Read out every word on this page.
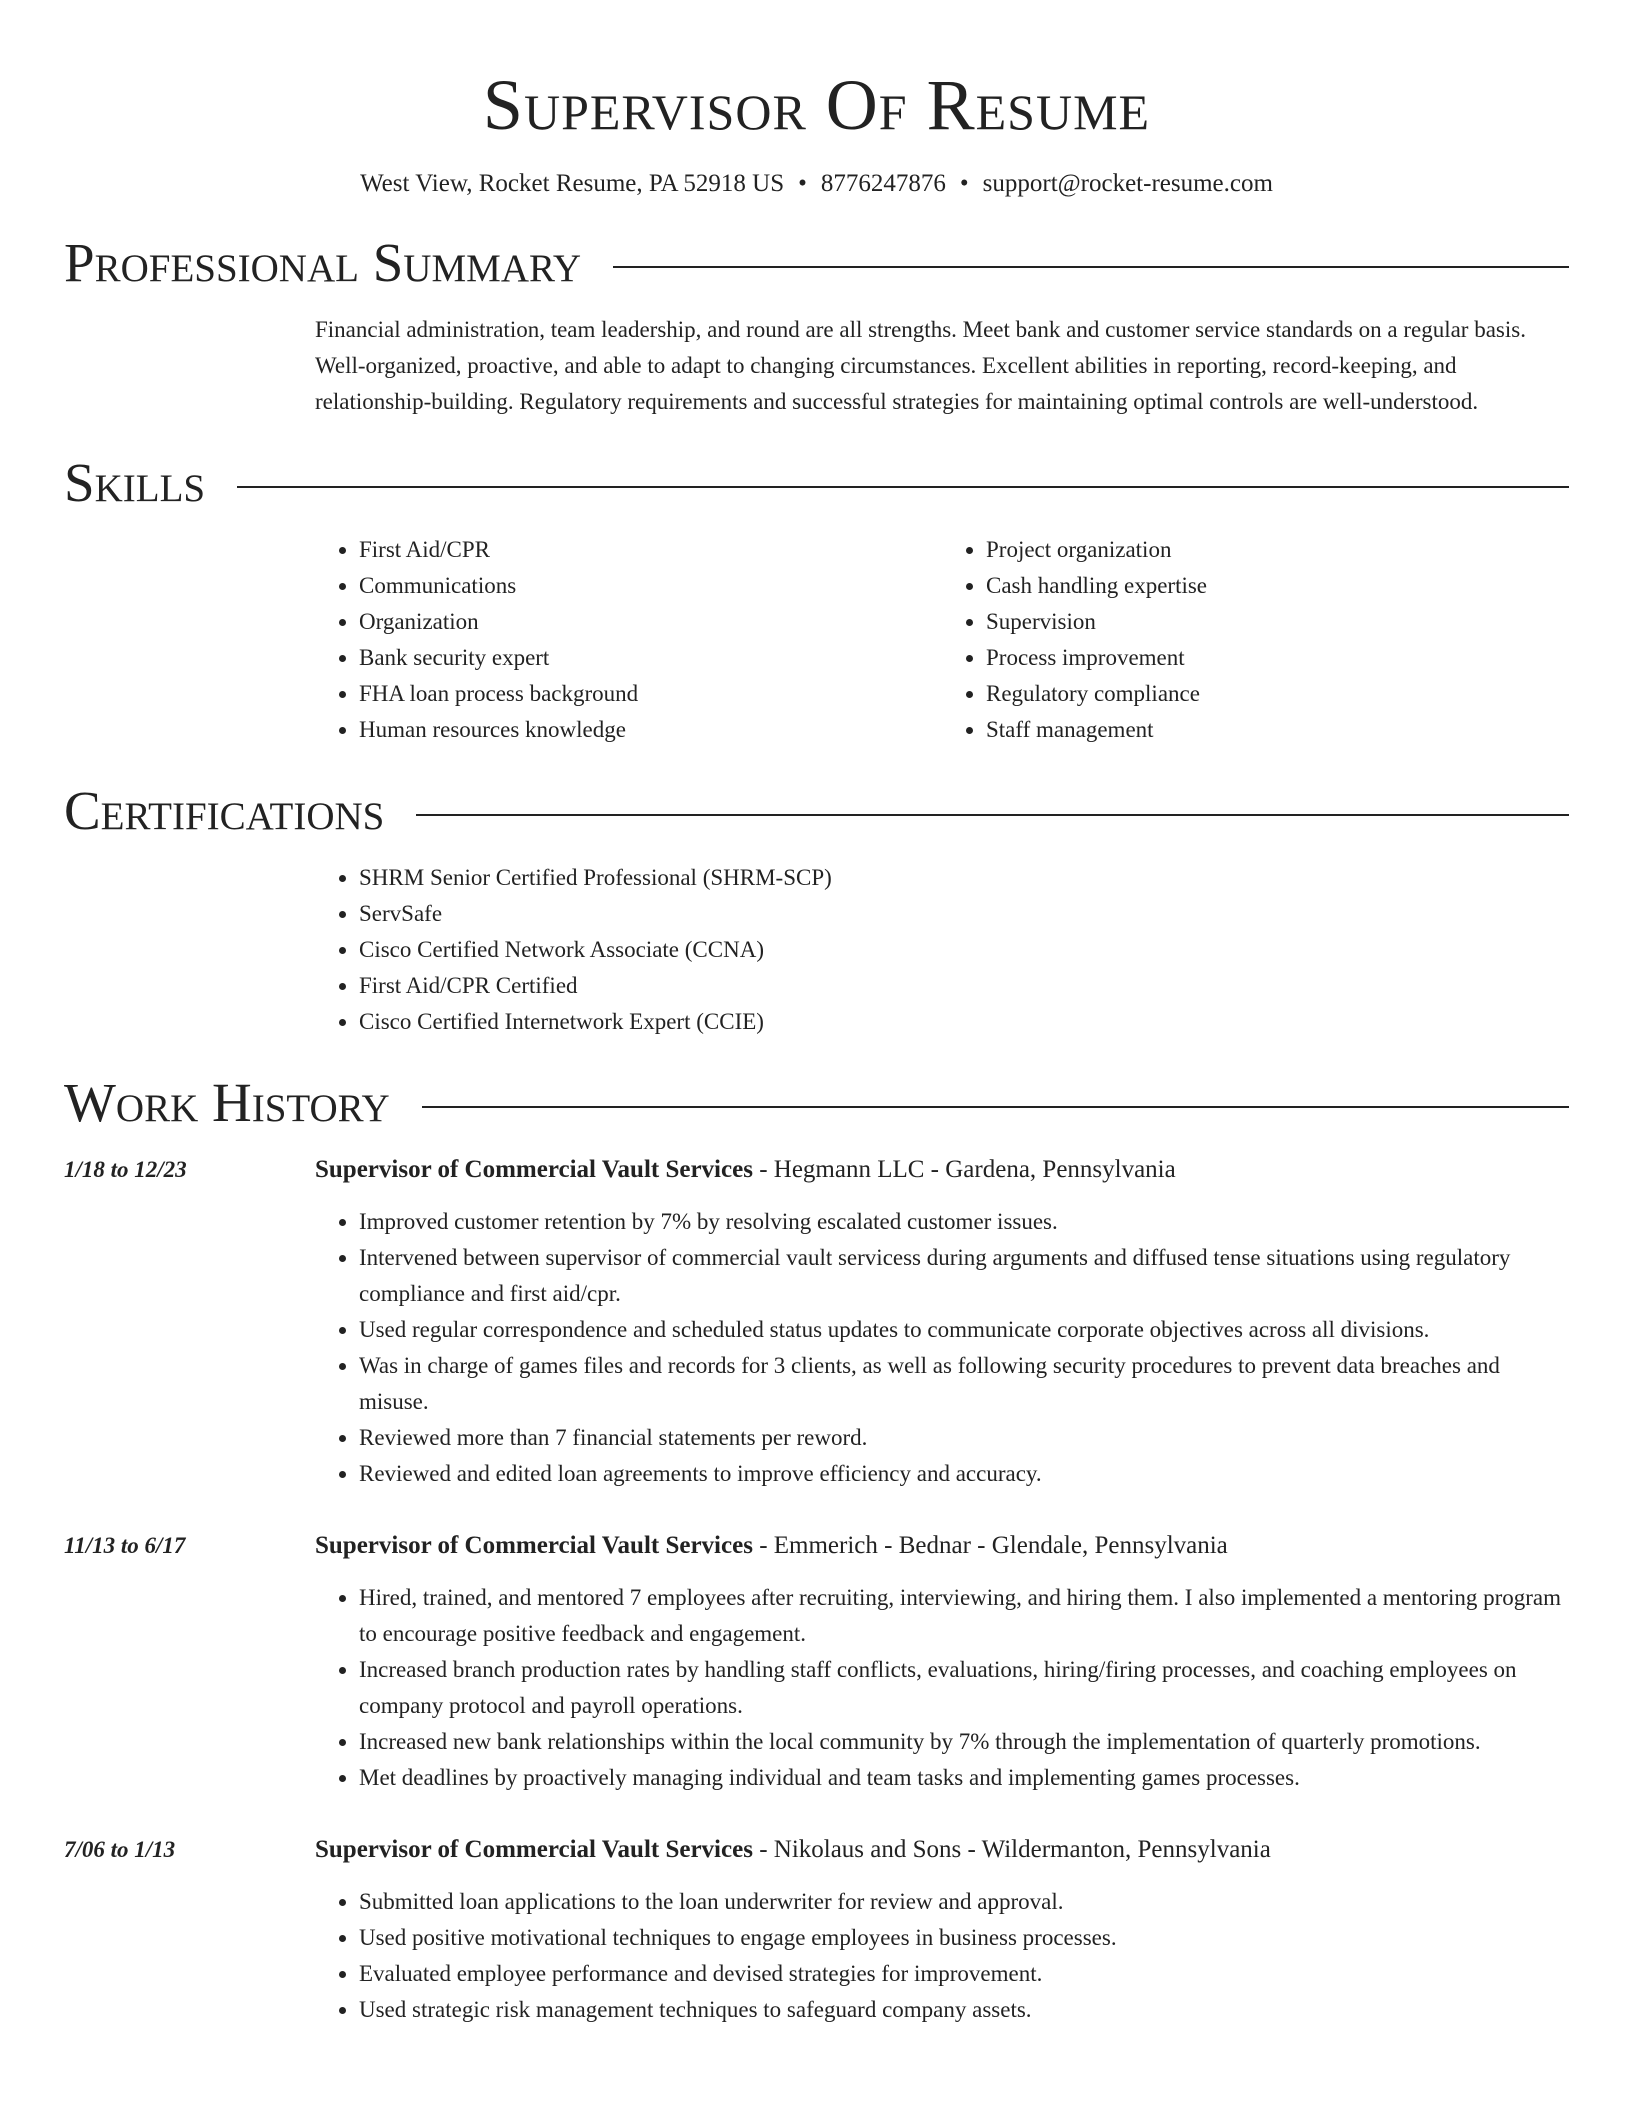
Supervisor Of Resume
West View, Rocket Resume, PA 52918 US • 8776247876 • support@rocket-resume.com
Professional Summary
Financial administration, team leadership, and round are all strengths. Meet bank and customer service standards on a regular basis. Well-organized, proactive, and able to adapt to changing circumstances. Excellent abilities in reporting, record-keeping, and relationship-building. Regulatory requirements and successful strategies for maintaining optimal controls are well-understood.
Skills
• First Aid/CPR
• Communications
• Organization
• Bank security expert
• FHA loan process background
• Human resources knowledge
• Project organization
• Cash handling expertise
• Supervision
• Process improvement
• Regulatory compliance
• Staff management
Certifications
• SHRM Senior Certified Professional (SHRM-SCP)
• ServSafe
• Cisco Certified Network Associate (CCNA)
• First Aid/CPR Certified
• Cisco Certified Internetwork Expert (CCIE)
Work History
1/18 to 12/23	Supervisor of Commercial Vault Services - Hegmann LLC - Gardena, Pennsylvania
• Improved customer retention by 7% by resolving escalated customer issues.
• Intervened between supervisor of commercial vault servicess during arguments and diffused tense situations using regulatory compliance and first aid/cpr.
• Used regular correspondence and scheduled status updates to communicate corporate objectives across all divisions.
• Was in charge of games files and records for 3 clients, as well as following security procedures to prevent data breaches and misuse.
• Reviewed more than 7 financial statements per reword.
• Reviewed and edited loan agreements to improve efficiency and accuracy.
11/13 to 6/17	Supervisor of Commercial Vault Services - Emmerich - Bednar - Glendale, Pennsylvania
• Hired, trained, and mentored 7 employees after recruiting, interviewing, and hiring them. I also implemented a mentoring program to encourage positive feedback and engagement.
• Increased branch production rates by handling staff conflicts, evaluations, hiring/firing processes, and coaching employees on company protocol and payroll operations.
• Increased new bank relationships within the local community by 7% through the implementation of quarterly promotions.
• Met deadlines by proactively managing individual and team tasks and implementing games processes.
7/06 to 1/13	Supervisor of Commercial Vault Services - Nikolaus and Sons - Wildermanton, Pennsylvania
• Submitted loan applications to the loan underwriter for review and approval.
• Used positive motivational techniques to engage employees in business processes.
• Evaluated employee performance and devised strategies for improvement.
• Used strategic risk management techniques to safeguard company assets.
